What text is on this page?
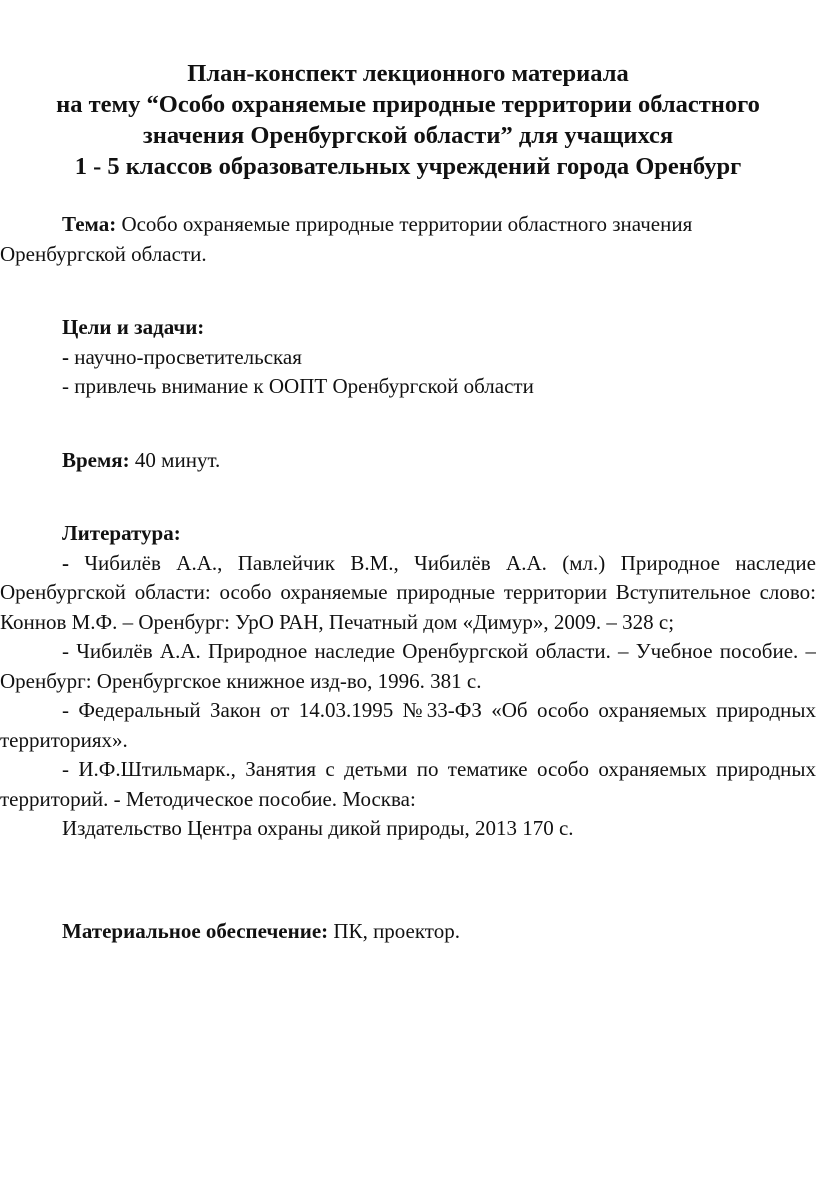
План-конспект лекционного материала
на тему “Особо охраняемые природные территории областного
значения Оренбургской области” для учащихся
1 - 5 классов образовательных учреждений города Оренбург

Тема: Особо охраняемые природные территории областного значения Оренбургской области.

Цели и задачи:

- научно-просветительская

- привлечь внимание к ООПТ Оренбургской области

Время: 40 минут.

Литература:

- Чибилёв А.А., Павлейчик В.М., Чибилёв А.А. (мл.) Природное наследие Оренбургской области: особо охраняемые природные территории Вступительное слово: Коннов М.Ф. – Оренбург: УрО РАН, Печатный дом «Димур», 2009. – 328 с;

- Чибилёв А.А. Природное наследие Оренбургской области. – Учебное пособие. – Оренбург: Оренбургское книжное изд-во, 1996. 381 с.

- Федеральный Закон от 14.03.1995 №33-ФЗ «Об особо охраняемых природных территориях».

- И.Ф.Штильмарк., Занятия с детьми по тематике особо охраняемых природных территорий. - Методическое пособие. Москва:

Издательство Центра охраны дикой природы, 2013 170 с.

Материальное обеспечение: ПК, проектор.
